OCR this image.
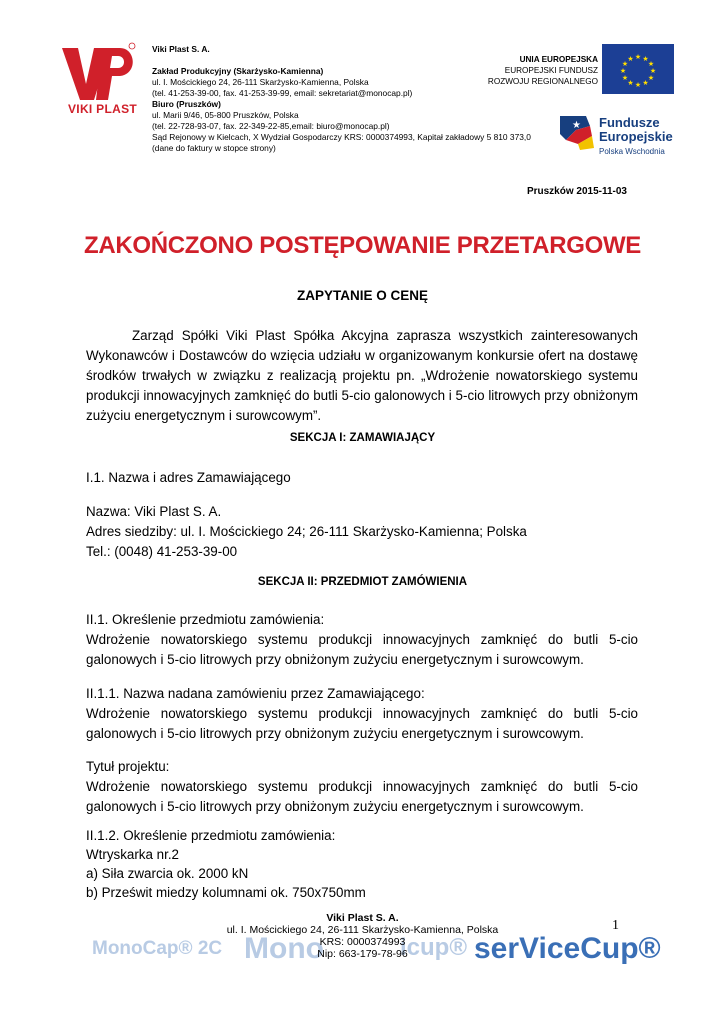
VIKI PLAST
Viki Plast S. A.
Zakład Produkcyjny (Skarżysko-Kamienna)
ul. I. Mościckiego 24, 26-111 Skarżysko-Kamienna, Polska
(tel. 41-253-39-00, fax. 41-253-39-99, email: sekretariat@monocap.pl)
Biuro (Pruszków)
ul. Marii 9/46, 05-800 Pruszków, Polska
(tel. 22-728-93-07, fax. 22-349-22-85,email: biuro@monocap.pl)
Sąd Rejonowy w Kielcach, X Wydział Gospodarczy KRS: 0000374993, Kapitał zakładowy 5 810 373,0
(dane do faktury w stopce strony)
UNIA EUROPEJSKA
EUROPEJSKI FUNDUSZ
ROZWOJU REGIONALNEGO
★ ★
★
★
★
★
★
★
★
★
★
★
★ Fundusze
Europejskie
Polska Wschodnia
Pruszków 2015-11-03
ZAKOŃCZONO POSTĘPOWANIE PRZETARGOWE
ZAPYTANIE O CENĘ
Zarząd Spółki Viki Plast Spółka Akcyjna zaprasza wszystkich zainteresowanych Wykonawców i Dostawców do wzięcia udziału w organizowanym konkursie ofert na dostawę środków trwałych w związku z realizacją projektu pn. „Wdrożenie nowatorskiego systemu produkcji innowacyjnych zamknięć do butli 5-cio galonowych i 5-cio litrowych przy obniżonym zużyciu energetycznym i surowcowym”.
SEKCJA I: ZAMAWIAJĄCY
I.1. Nazwa i adres Zamawiającego
Nazwa: Viki Plast S. A.
Adres siedziby: ul. I. Mościckiego 24; 26-111 Skarżysko-Kamienna; Polska
Tel.: (0048) 41-253-39-00
SEKCJA II: PRZEDMIOT ZAMÓWIENIA
II.1. Określenie przedmiotu zamówienia:
Wdrożenie nowatorskiego systemu produkcji innowacyjnych zamknięć do butli 5-cio galonowych i 5-cio litrowych przy obniżonym zużyciu energetycznym i surowcowym.
II.1.1. Nazwa nadana zamówieniu przez Zamawiającego:
Wdrożenie nowatorskiego systemu produkcji innowacyjnych zamknięć do butli 5-cio galonowych i 5-cio litrowych przy obniżonym zużyciu energetycznym i surowcowym.
Tytuł projektu:
Wdrożenie nowatorskiego systemu produkcji innowacyjnych zamknięć do butli 5-cio galonowych i 5-cio litrowych przy obniżonym zużyciu energetycznym i surowcowym.
II.1.2. Określenie przedmiotu zamówienia:
Wtryskarka nr.2
a) Siła zwarcia ok. 2000 kN
b) Prześwit miedzy kolumnami ok. 750x750mm
MonoCap® 2C Mono	icup® serViceCup®
Viki Plast S. A.
ul. I. Mościckiego 24, 26-111 Skarżysko-Kamienna, Polska
KRS: 0000374993
Nip: 663-179-78-96
1
